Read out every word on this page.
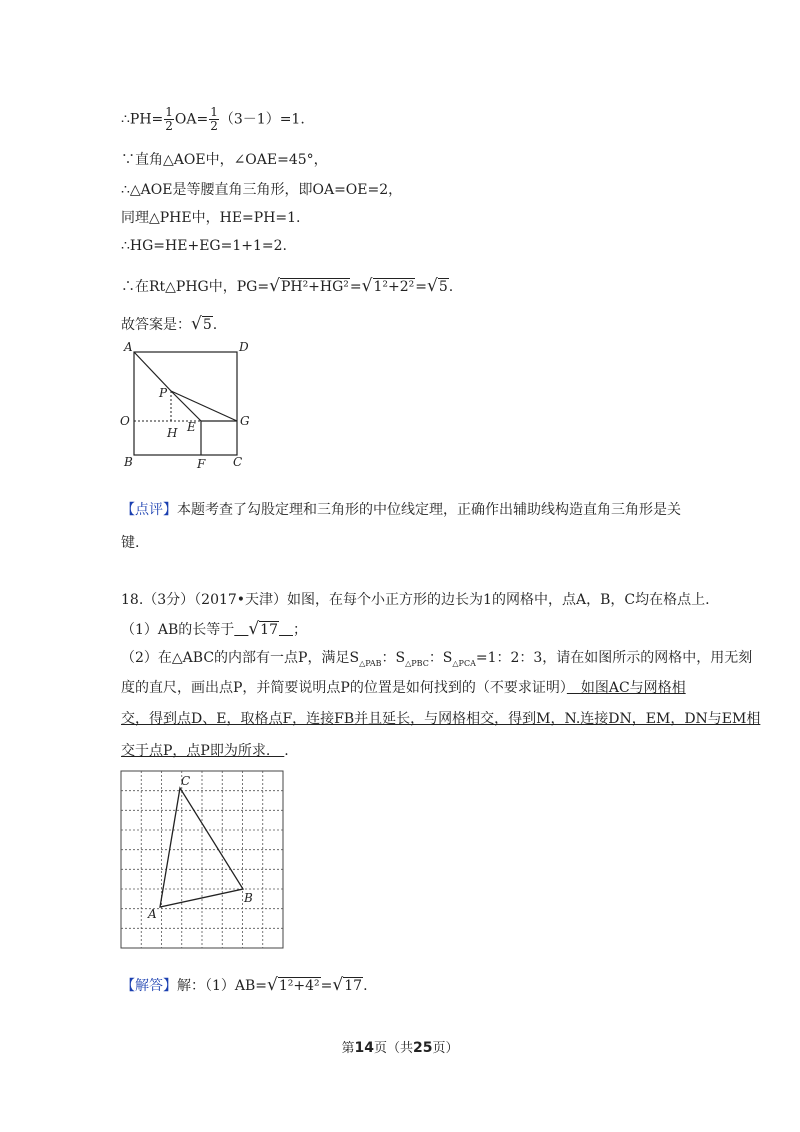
∴PH= $\frac{1}{2} OA= \frac{1}{2} (3-1)=1$.
∵直角△AOE中，∠OAE=45°，
∴△AOE是等腰直角三角形，即OA=OE=2，
同理△PHE中，HE=PH=1.
∴HG=HE+EG=1+1=2.
∴在Rt△PHG中，PG=√PH²+HG²=√1²+2²=√5.
故答案是：√5.
A	D
P
O	G
H E
B	F C
【点评】本题考查了勾股定理和三角形的中位线定理，正确作出辅助线构造直角三角形是关
键.
18.（3分）（2017•天津）如图，在每个小正方形的边长为1的网格中，点A，B，C均在格点上.
（1）AB的长等于＿√17＿；
（2）在△ABC的内部有一点P，满足$S_{\triangle PAB}$：$S_{\triangle PBC}$：$S_{\triangle PCA}=1$：2：3，请在如图所示的网格中，用无刻
度的直尺，画出点P，并简要说明点P的位置是如何找到的（不要求证明）　如图AC与网格相
交，得到点D、E，取格点F，连接FB并且延长，与网格相交，得到M，N.连接DN，EM，DN与EM相
交于点P，点P即为所求.　.
A
B
C
【解答】解：（1）AB=√1²+4²=√17.
第14页（共25页）
